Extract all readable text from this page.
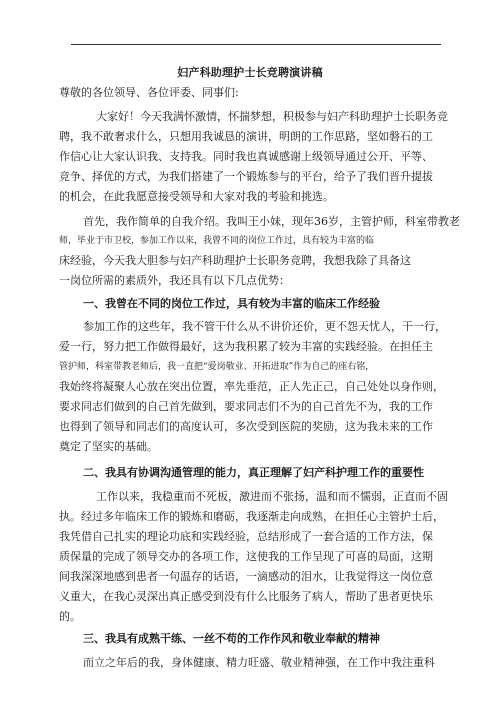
妇产科助理护士长竞聘演讲稿
尊敬的各位领导、各位评委、同事们:
大家好！今天我满怀激情，怀揣梦想，积极参与妇产科助理护士长职务竞
聘，我不敢奢求什么，只想用我诚恳的演讲，明朗的工作思路，坚如磐石的工
作信心让大家认识我、支持我。同时我也真诚感谢上级领导通过公开、平等、
竞争、择优的方式，为我们搭建了一个锻炼参与的平台，给予了我们晋升提拔
的机会，在此我愿意接受领导和大家对我的考验和挑选。
首先，我作简单的自我介绍。我叫王小妹，现年36岁，主管护师，科室带教老
师，毕业于市卫校，参加工作以来，我曾不同的岗位工作过，具有较为丰富的临
床经验，今天我大胆参与妇产科助理护士长职务竞聘，我想我除了具备这
一岗位所需的素质外，我还具有以下几点优势：
一、我曾在不同的岗位工作过，具有较为丰富的临床工作经验
参加工作的这些年，我不管干什么从不讲价还价，更不怨天忧人，干一行，
爱一行，努力把工作做得最好，这为我积累了较为丰富的实践经验。在担任主
管护师，科室带教老师后，我一直把“爱岗敬业、开拓进取”作为自己的座右铭，
我始终将凝聚人心放在突出位置，率先垂范，正人先正己，自己处处以身作则，
要求同志们做到的自己首先做到，要求同志们不为的自己首先不为，我的工作
也得到了领导和同志们的高度认可，多次受到医院的奖励，这为我未来的工作
奠定了坚实的基础。
二、我具有协调沟通管理的能力，真正理解了妇产科护理工作的重要性
工作以来，我稳重而不死板，激进而不张扬，温和而不懦弱，正直而不固
执。经过多年临床工作的锻炼和磨砺，我逐渐走向成熟，在担任心主管护士后，
我凭借自己扎实的理论功底和实践经验，总结形成了一套合适的工作方法，保
质保量的完成了领导交办的各项工作，这使我的工作呈现了可喜的局面，这期
间我深深地感到患者一句温存的话语，一滴感动的泪水，让我觉得这一岗位意
义重大，在我心灵深出真正感受到没有什么比服务了病人，帮助了患者更快乐
的。
三、我具有成熟干练、一丝不苟的工作作风和敬业奉献的精神
而立之年后的我，身体健康、精力旺盛、敬业精神强，在工作中我注重科
